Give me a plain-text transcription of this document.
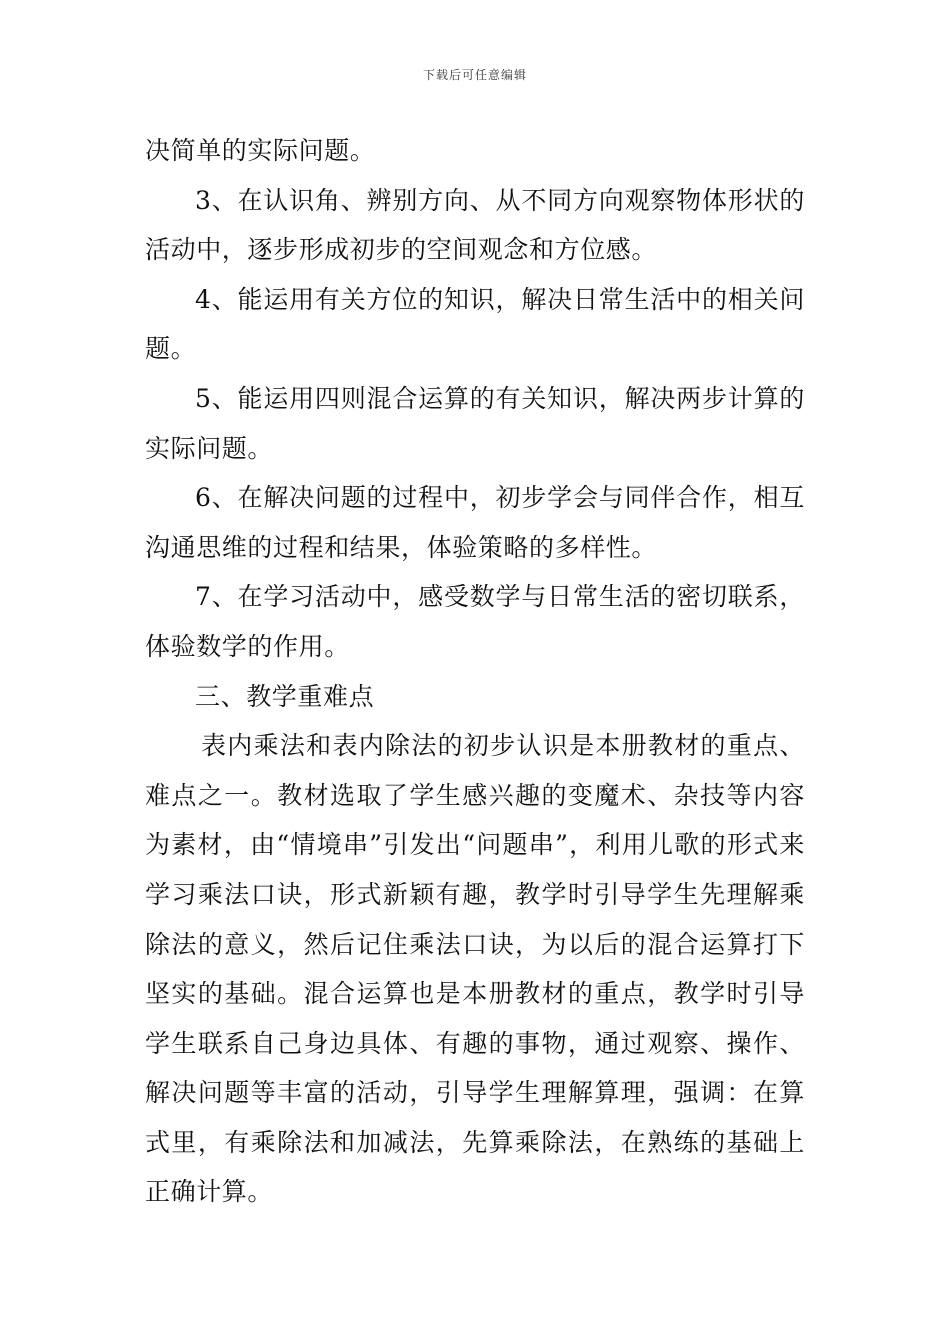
下载后可任意编辑

决简单的实际问题。

3、在认识角、辨别方向、从不同方向观察物体形状的活动中，逐步形成初步的空间观念和方位感。

4、能运用有关方位的知识，解决日常生活中的相关问题。

5、能运用四则混合运算的有关知识，解决两步计算的实际问题。

6、在解决问题的过程中，初步学会与同伴合作，相互沟通思维的过程和结果，体验策略的多样性。

7、在学习活动中，感受数学与日常生活的密切联系，体验数学的作用。

三、教学重难点

表内乘法和表内除法的初步认识是本册教材的重点、难点之一。教材选取了学生感兴趣的变魔术、杂技等内容为素材，由“情境串”引发出“问题串”，利用儿歌的形式来学习乘法口诀，形式新颖有趣，教学时引导学生先理解乘除法的意义，然后记住乘法口诀，为以后的混合运算打下坚实的基础。混合运算也是本册教材的重点，教学时引导学生联系自己身边具体、有趣的事物，通过观察、操作、解决问题等丰富的活动，引导学生理解算理，强调：在算式里，有乘除法和加减法，先算乘除法，在熟练的基础上正确计算。
